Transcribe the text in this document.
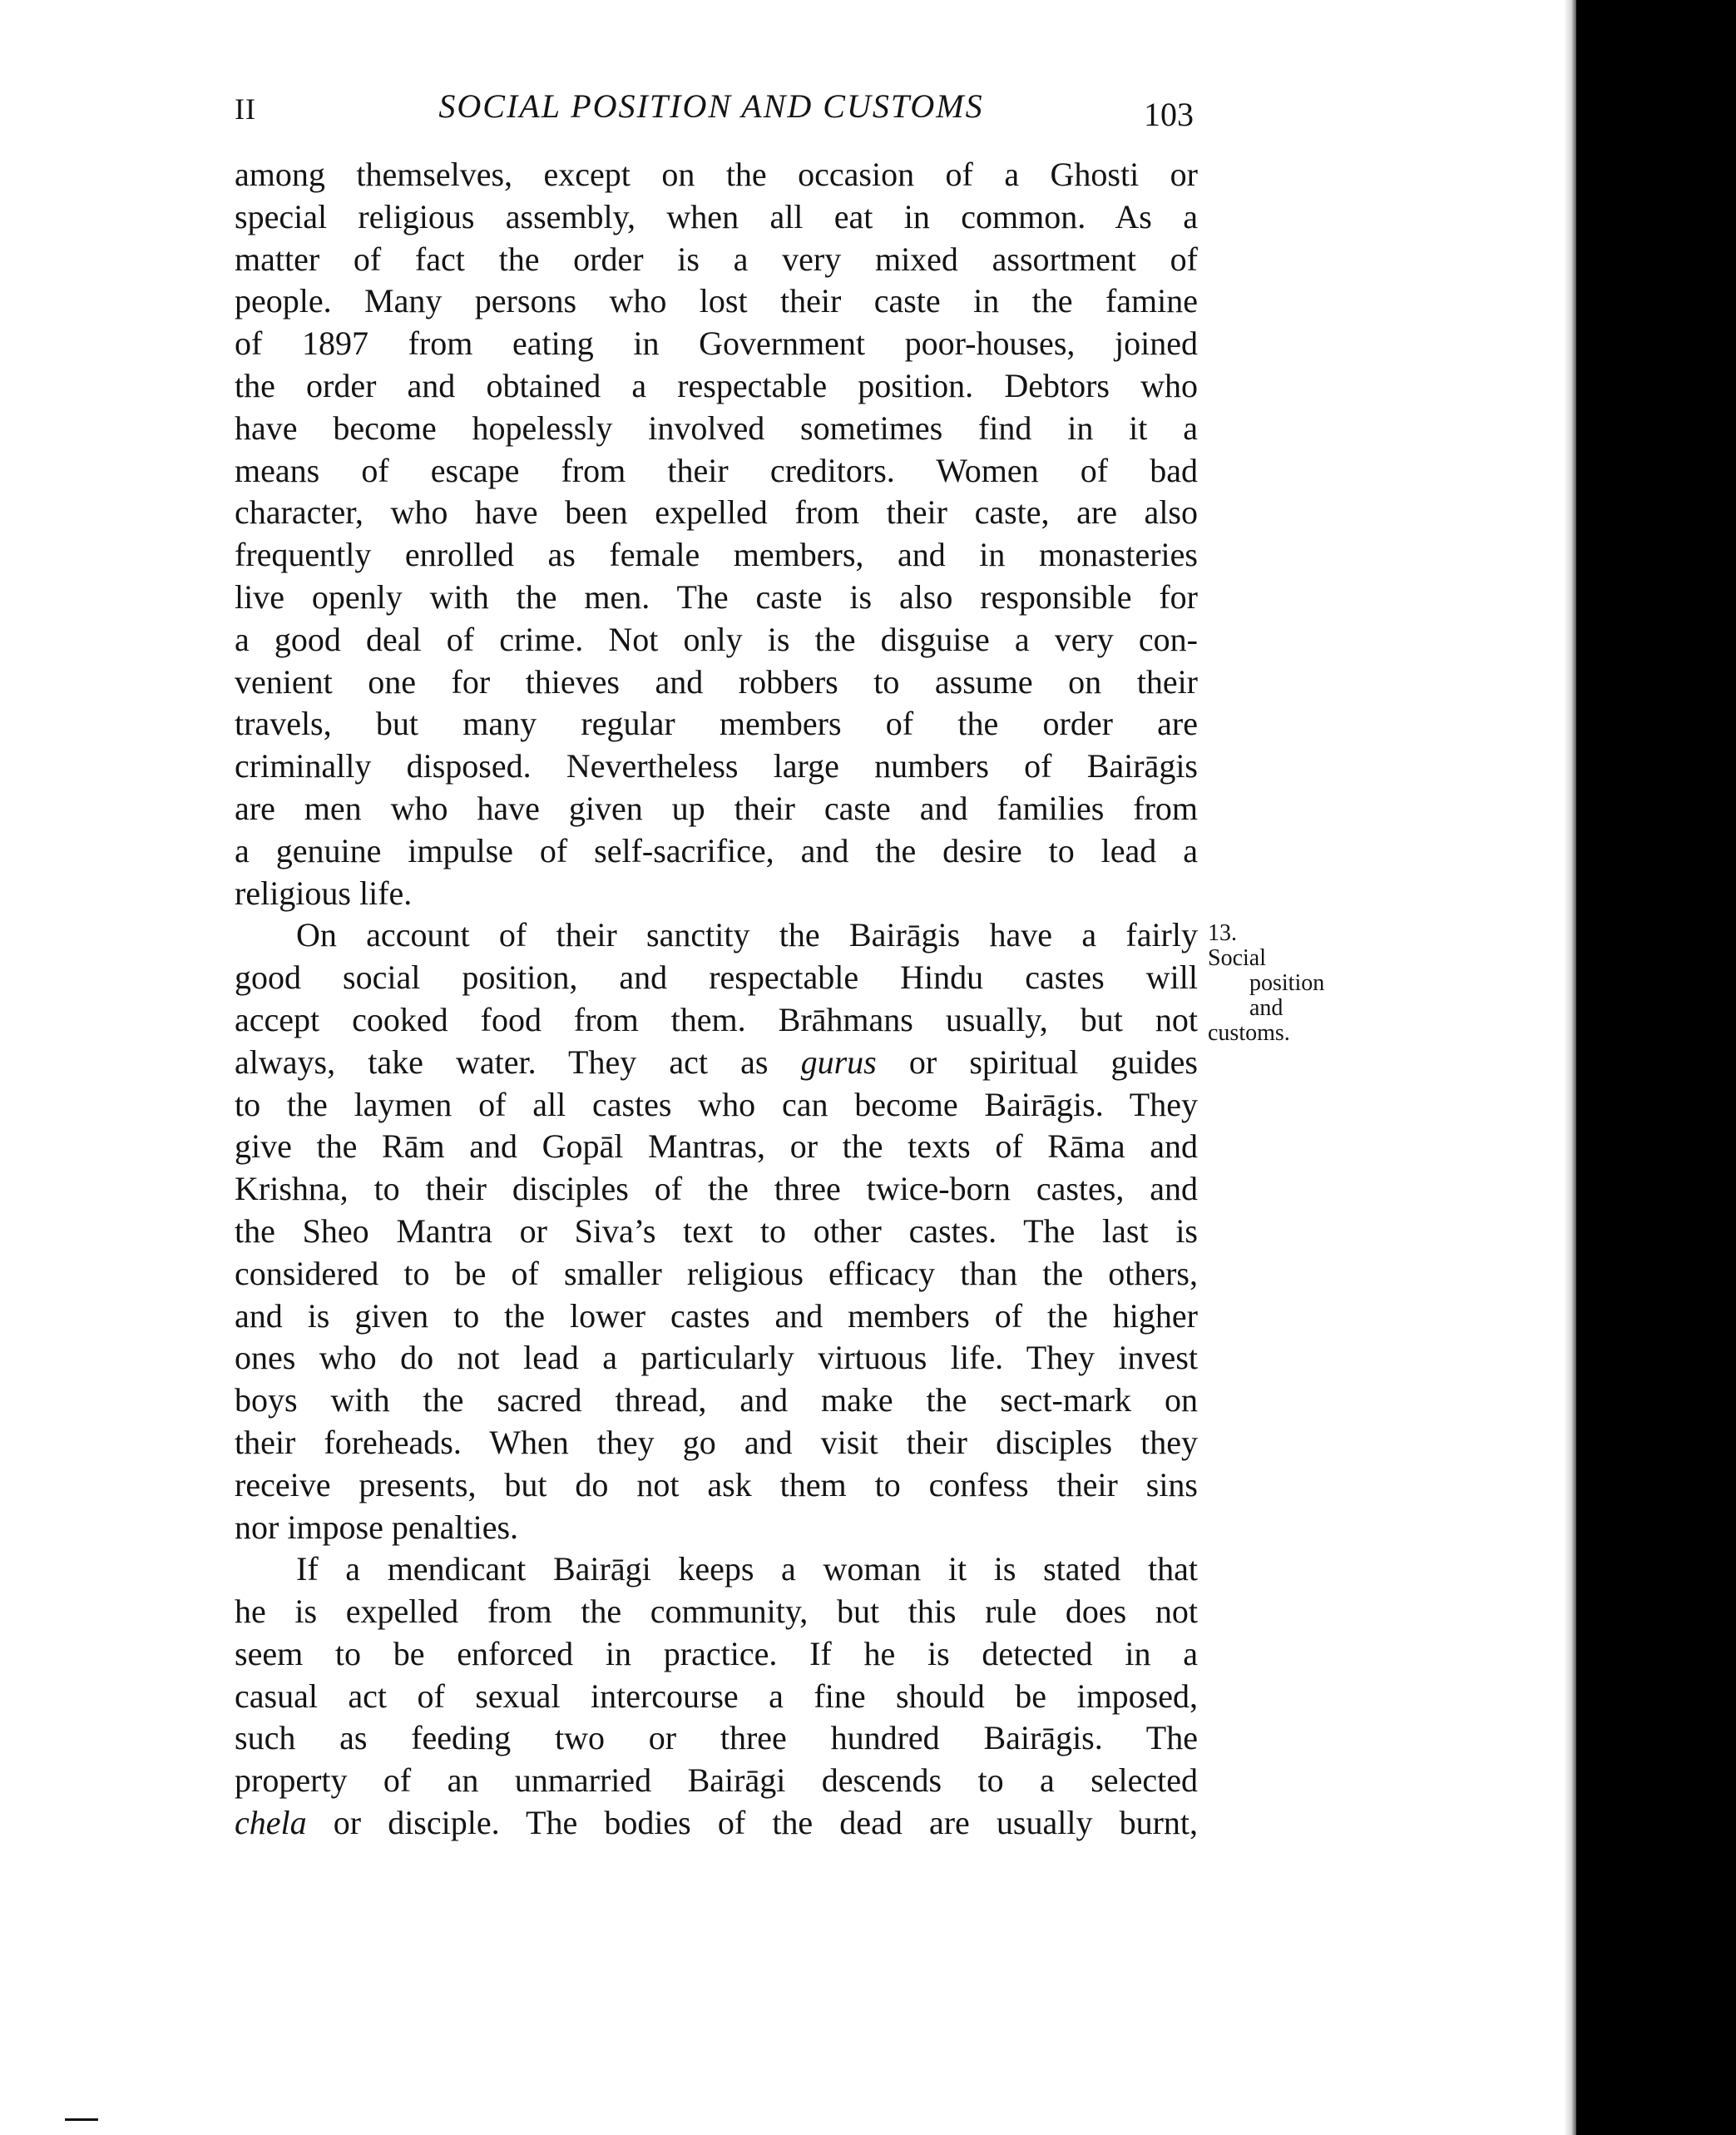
II	SOCIAL POSITION AND CUSTOMS	103

among themselves, except on the occasion of a Ghosti or
special religious assembly, when all eat in common. As a
matter of fact the order is a very mixed assortment of
people. Many persons who lost their caste in the famine
of 1897 from eating in Government poor-houses, joined
the order and obtained a respectable position. Debtors who
have become hopelessly involved sometimes find in it a
means of escape from their creditors. Women of bad
character, who have been expelled from their caste, are also
frequently enrolled as female members, and in monasteries
live openly with the men. The caste is also responsible for
a good deal of crime. Not only is the disguise a very con-
venient one for thieves and robbers to assume on their
travels, but many regular members of the order are
criminally disposed. Nevertheless large numbers of Bairāgis
are men who have given up their caste and families from
a genuine impulse of self-sacrifice, and the desire to lead a
religious life.

On account of their sanctity the Bairāgis have a fairly
good social position, and respectable Hindu castes will
accept cooked food from them. Brāhmans usually, but not
always, take water. They act as gurus or spiritual guides
to the laymen of all castes who can become Bairāgis. They
give the Rām and Gopāl Mantras, or the texts of Rāma and
Krishna, to their disciples of the three twice-born castes, and
the Sheo Mantra or Siva’s text to other castes. The last is
considered to be of smaller religious efficacy than the others,
and is given to the lower castes and members of the higher
ones who do not lead a particularly virtuous life. They invest
boys with the sacred thread, and make the sect-mark on
their foreheads. When they go and visit their disciples they
receive presents, but do not ask them to confess their sins
nor impose penalties.

If a mendicant Bairāgi keeps a woman it is stated that
he is expelled from the community, but this rule does not
seem to be enforced in practice. If he is detected in a
casual act of sexual intercourse a fine should be imposed,
such as feeding two or three hundred Bairāgis. The
property of an unmarried Bairāgi descends to a selected
chela or disciple. The bodies of the dead are usually burnt,

13.
Social
position
and
customs.
